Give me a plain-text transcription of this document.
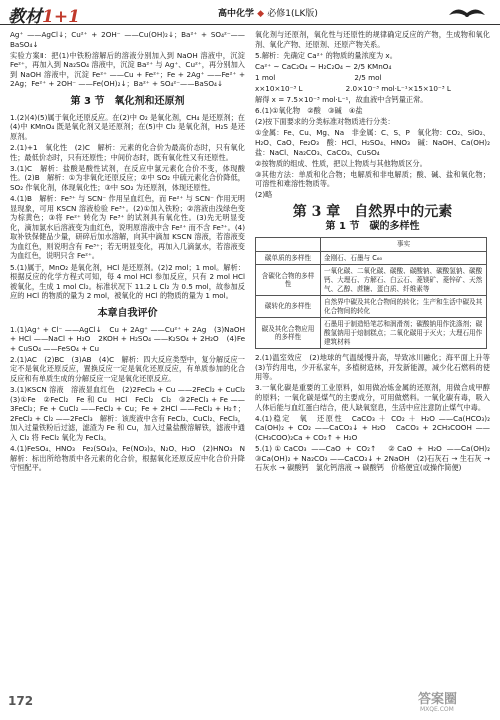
教材1+1	高中化学 ◆ 必修1(LK版)

Ag⁺ ——AgCl↓；Cu²⁺ + 2OH⁻ ——Cu(OH)₂↓；Ba²⁺ + SO₄²⁻——BaSO₄↓

实验方案Ⅱ：把(1)中铁粉溶解后的溶液分别加入到 NaOH 溶液中，沉淀 Fe²⁺，再加入到 Na₂SO₄ 溶液中，沉淀 Ba²⁺ 与 Ag⁺、Cu²⁺，再分别加入到 NaOH 溶液中，沉淀 Fe²⁺ ——Cu + Fe²⁺；Fe + 2Ag⁺ ——Fe²⁺ + 2Ag；Fe²⁺ + 2OH⁻ ——Fe(OH)₂↓；Ba²⁺ + SO₄²⁻——BaSO₄↓

第 3 节　氧化剂和还原剂

1.(2)(4)(5)属于氧化还原反应。在(2)中 O₂ 是氧化剂，CH₄ 是还原剂；在(4)中 KMnO₄ 既是氧化剂又是还原剂；在(5)中 Cl₂ 是氧化剂，H₂S 是还原剂。

2.(1)+1　氧化性　(2)C　解析：元素的化合价为最高价态时，只有氧化性；最低价态时，只有还原性；中间价态时，既有氧化性又有还原性。

3.(1)C　解析：盐酸是酸性试剂，在反应中氯元素化合价不变，体现酸性。(2)B　解析：①为非氧化还原反应；②中 SO₂ 中硫元素化合价降低，SO₂ 作氧化剂，体现氧化性；③中 SO₂ 为还原剂，体现还原性。

4.(1)B　解析：Fe³⁺ 与 SCN⁻ 作用呈血红色，而 Fe²⁺ 与 SCN⁻ 作用无明显现象，可用 KSCN 溶液检验 Fe³⁺。(2)①加入铁粉；②溶液由浅绿色变为棕黄色；③将 Fe²⁺ 转化为 Fe³⁺ 的试剂具有氧化性。(3)先无明显变化，滴加氯水后溶液变为血红色，说明原溶液中含 Fe²⁺ 而不含 Fe³⁺。(4)取补铁保健品少量，研碎后加水溶解，向其中滴加 KSCN 溶液，若溶液变为血红色，则说明含有 Fe³⁺；若无明显变化，再加入几滴氯水，若溶液变为血红色，说明只含 Fe²⁺。

5.(1)属于，MnO₂ 是氧化剂，HCl 是还原剂。(2)2 mol；1 mol。解析：根据反应的化学方程式可知，每 4 mol HCl 参加反应，只有 2 mol HCl 被氧化，生成 1 mol Cl₂。标准状况下 11.2 L Cl₂ 为 0.5 mol，故参加反应的 HCl 的物质的量为 2 mol，被氧化的 HCl 的物质的量为 1 mol。

本章自我评价

1.(1)Ag⁺ + Cl⁻ ——AgCl↓　Cu + 2Ag⁺ ——Cu²⁺ + 2Ag　(3)NaOH + HCl ——NaCl + H₂O　2KOH + H₂SO₄ ——K₂SO₄ + 2H₂O　(4)Fe + CuSO₄ ——FeSO₄ + Cu

2.(1)AC　(2)BC　(3)AB　(4)C　解析：四大反应类型中，复分解反应一定不是氧化还原反应，置换反应一定是氧化还原反应，有单质参加的化合反应和有单质生成的分解反应一定是氧化还原反应。

3.(1)KSCN 溶液　溶液显血红色　(2)2FeCl₃ + Cu ——2FeCl₂ + CuCl₂　(3)①Fe　②FeCl₂　Fe 和 Cu　HCl　FeCl₂　Cl₂　③2FeCl₃ + Fe ——3FeCl₂；Fe + CuCl₂ ——FeCl₂ + Cu；Fe + 2HCl ——FeCl₂ + H₂↑；2FeCl₂ + Cl₂ ——2FeCl₃　解析：该废液中含有 FeCl₂、CuCl₂、FeCl₃，加入过量铁粉后过滤，滤渣为 Fe 和 Cu，加入过量盐酸溶解铁，滤液中通入 Cl₂ 将 FeCl₂ 氧化为 FeCl₃。

4.(1)FeSO₄、HNO₃　Fe₂(SO₄)₃、Fe(NO₃)₃、N₂O、H₂O　(2)HNO₃　N　解析：标出所给物质中各元素的化合价，根据氧化还原反应中化合价升降守恒配平。

氧化剂与还原剂，氧化性与还原性的规律确定反应的产物，生成物和氧化剂、氧化产物、还原剂、还原产物关系。

5.解析：先确定 Ca²⁺ 的物质的量浓度为 x。

Ca²⁺ ~ CaC₂O₄ ~ H₂C₂O₄ ~ 2/5 KMnO₄

1 mol　　　　　　　　　　　2/5 mol

x×10×10⁻³ L　　　　　　2.0×10⁻³ mol·L⁻¹×15×10⁻³ L

解得 x = 7.5×10⁻³ mol·L⁻¹，故血液中含钙量正常。

6.(1)①氧化物　②酸　③碱　④盐

(2)按下面要求的分类标准对物质进行分类：

①金属：Fe、Cu、Mg、Na　非金属：C、S、P　氧化物：CO₂、SiO₂、H₂O、CaO、Fe₂O₃　酸：HCl、H₂SO₄、HNO₃　碱：NaOH、Ca(OH)₂　盐：NaCl、Na₂CO₃、CaCO₃、CuSO₄

②按物质的组成、性质，把以上物质与其他物质区分。

③其他方法：单质和化合物；电解质和非电解质；酸、碱、盐和氧化物；可溶性和难溶性物质等。

(2)略

第 3 章　自然界中的元素
第 1 节　碳的多样性
	事实
碳单质的多样性	金刚石、石墨与 C₆₀
含碳化合物的多样性	一氧化碳、二氧化碳、碳酸、碳酸钠、碳酸氢钠、碳酸钙、大理石、方解石、白云石、菱镁矿、菱锌矿、天然气、乙醇、蔗糖、蛋白质、纤维素等
碳转化的多样性	自然界中碳及其化合物间的转化；生产和生活中碳及其化合物间的转化
碳及其化合物应用的多样性	石墨用于制造铅笔芯和润滑剂；碳酸钠用作洗涤剂；碳酸氢钠用于焙制糕点；二氧化碳用于灭火；大理石用作建筑材料

2.(1)温室效应　(2)地球的气温缓慢升高，导致冰川融化；海平面上升等　(3)节约用电，少开私家车，多植树造林，开发新能源，减少化石燃料的使用等。

3.一氧化碳是重要的工业原料，如用做冶炼金属的还原剂，用做合成甲醇的原料；一氧化碳是煤气的主要成分，可用做燃料。一氧化碳有毒，吸入人体后能与血红蛋白结合，使人缺氧窒息，生活中应注意防止煤气中毒。

4.(1)稳定　氧　还原性　CaCO₃ ＋ CO₂ ＋ H₂O ——Ca(HCO₃)₂　Ca(OH)₂ + CO₂ ——CaCO₃↓ + H₂O　CaCO₃ + 2CH₃COOH ——(CH₃COO)₂Ca + CO₂↑ + H₂O

5.(1)①CaCO₃ ——CaO + CO₂↑　②CaO + H₂O ——Ca(OH)₂　③Ca(OH)₂ + Na₂CO₃ ——CaCO₃↓ + 2NaOH　(2)石灰石 → 生石灰 → 石灰水 → 碳酸钙　氯化钙溶液 → 碳酸钙　价格便宜(或操作简便)

172	答案圈
MXQE.COM
